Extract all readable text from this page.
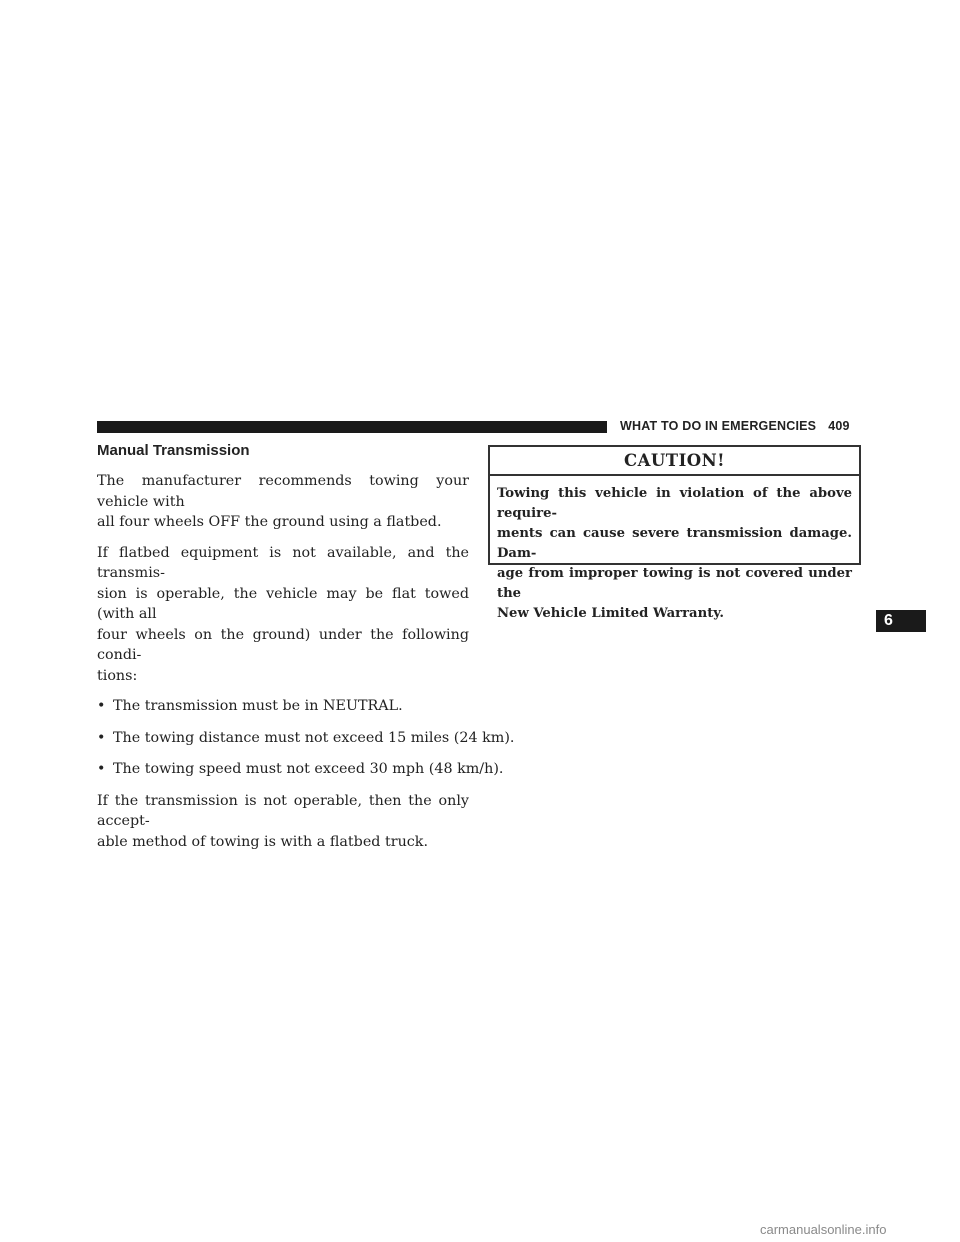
WHAT TO DO IN EMERGENCIES 409
Manual Transmission

The manufacturer recommends towing your vehicle with
all four wheels OFF the ground using a flatbed.

If flatbed equipment is not available, and the transmis-
sion is operable, the vehicle may be flat towed (with all
four wheels on the ground) under the following condi-
tions:

• The transmission must be in NEUTRAL.
• The towing distance must not exceed 15 miles (24 km).
• The towing speed must not exceed 30 mph (48 km/h).

If the transmission is not operable, then the only accept-
able method of towing is with a flatbed truck.

CAUTION!
Towing this vehicle in violation of the above require-
ments can cause severe transmission damage. Dam-
age from improper towing is not covered under the
New Vehicle Limited Warranty.	6
carmanualsonline.info
